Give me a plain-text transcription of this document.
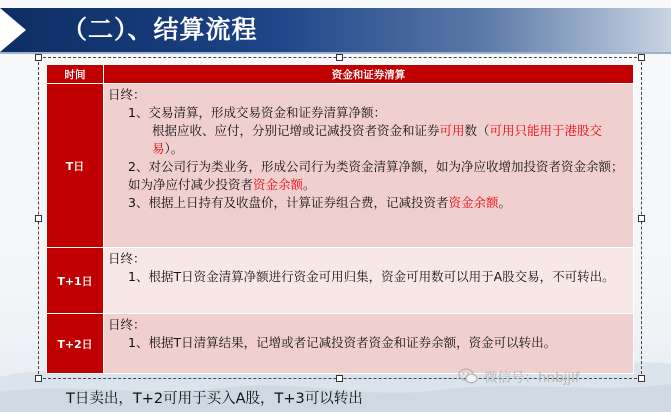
（二）、结算流程
时间	资金和证券清算
T日	日终：

1、交易清算，形成交易资金和证券清算净额：

根据应收、应付，分别记增或记减投资者资金和证券可用数（可用只能用于港股交易）。

2、对公司行为类业务，形成公司行为类资金清算净额，如为净应收增加投资者资金余额；如为净应付减少投资者资金余额。

3、根据上日持有及收盘价，计算证券组合费，记减投资者资金余额。

T+1日	日终：

1、根据T日资金清算净额进行资金可用归集，资金可用数可以用于A股交易，不可转出。

T+2日	日终：

1、根据T日清算结果，记增或者记减投资者资金和证券余额，资金可以转出。

T日卖出，T+2可用于买入A股，T+3可以转出
微信号：hnbjjlf
